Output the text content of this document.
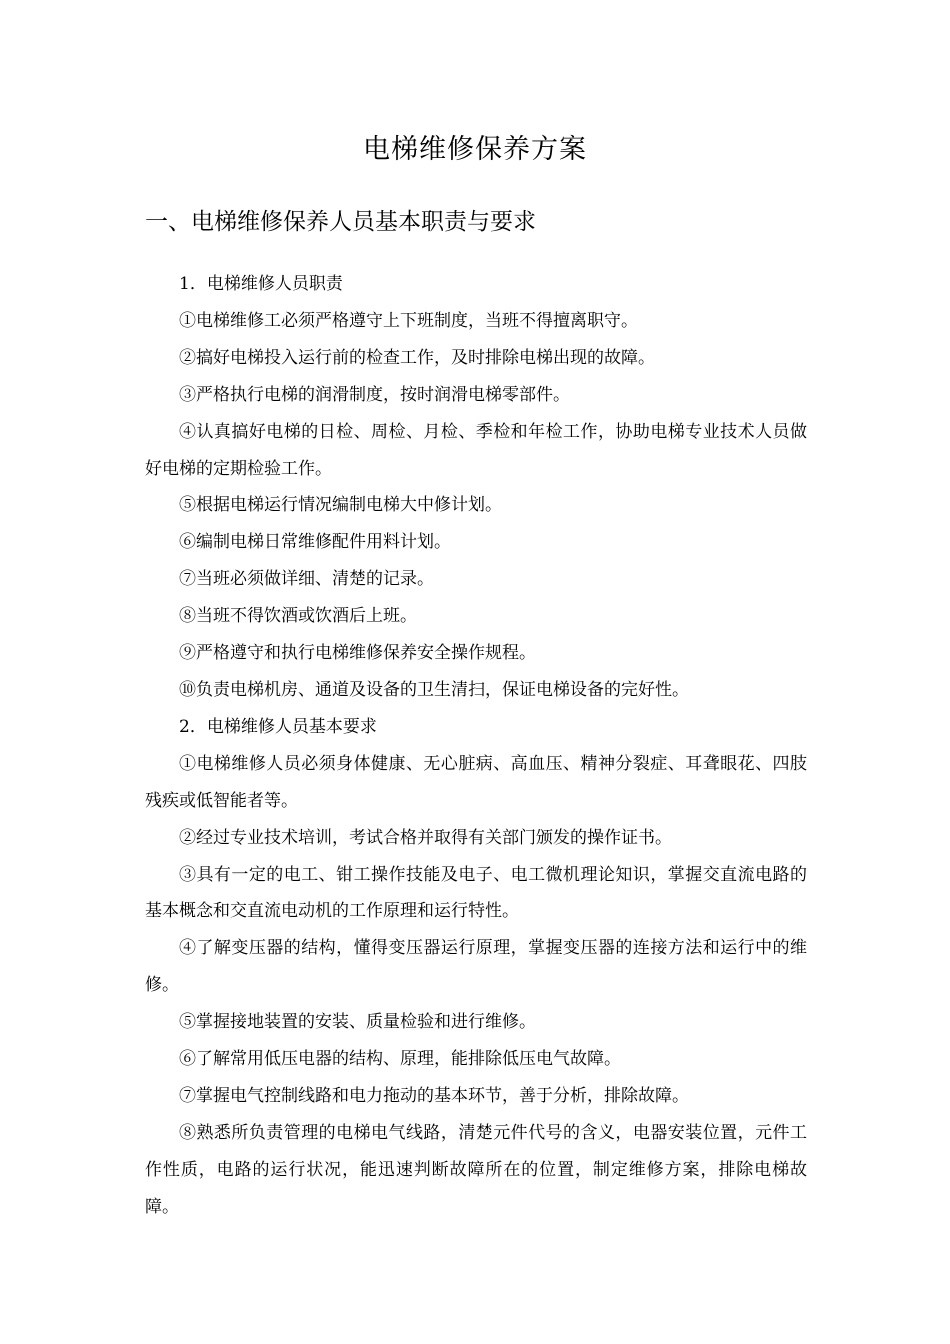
电梯维修保养方案
一、电梯维修保养人员基本职责与要求

1．电梯维修人员职责

①电梯维修工必须严格遵守上下班制度，当班不得擅离职守。

②搞好电梯投入运行前的检查工作，及时排除电梯出现的故障。

③严格执行电梯的润滑制度，按时润滑电梯零部件。

④认真搞好电梯的日检、周检、月检、季检和年检工作，协助电梯专业技术人员做好电梯的定期检验工作。

⑤根据电梯运行情况编制电梯大中修计划。

⑥编制电梯日常维修配件用料计划。

⑦当班必须做详细、清楚的记录。

⑧当班不得饮酒或饮酒后上班。

⑨严格遵守和执行电梯维修保养安全操作规程。

⑩负责电梯机房、通道及设备的卫生清扫，保证电梯设备的完好性。

2．电梯维修人员基本要求

①电梯维修人员必须身体健康、无心脏病、高血压、精神分裂症、耳聋眼花、四肢残疾或低智能者等。

②经过专业技术培训，考试合格并取得有关部门颁发的操作证书。

③具有一定的电工、钳工操作技能及电子、电工微机理论知识，掌握交直流电路的基本概念和交直流电动机的工作原理和运行特性。

④了解变压器的结构，懂得变压器运行原理，掌握变压器的连接方法和运行中的维修。

⑤掌握接地装置的安装、质量检验和进行维修。

⑥了解常用低压电器的结构、原理，能排除低压电气故障。

⑦掌握电气控制线路和电力拖动的基本环节，善于分析，排除故障。

⑧熟悉所负责管理的电梯电气线路，清楚元件代号的含义，电器安装位置，元件工作性质，电路的运行状况，能迅速判断故障所在的位置，制定维修方案，排除电梯故障。
